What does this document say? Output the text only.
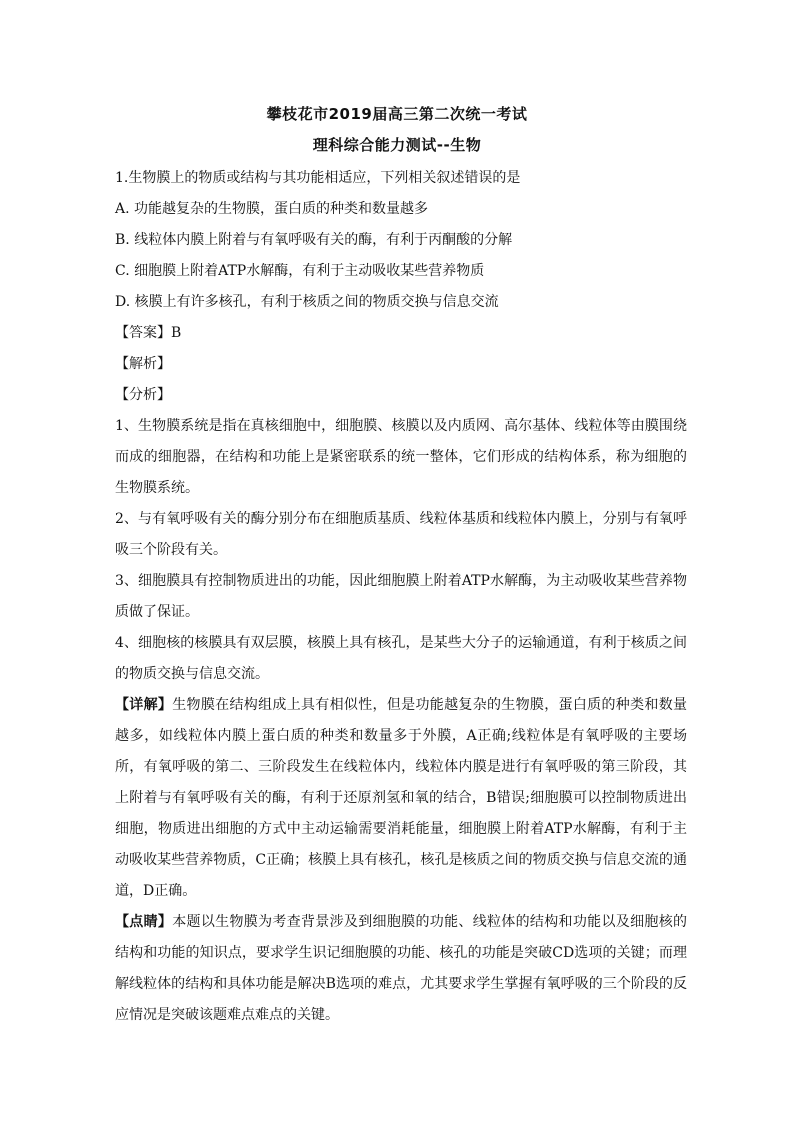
攀枝花市2019届高三第二次统一考试
理科综合能力测试--生物

1.生物膜上的物质或结构与其功能相适应，下列相关叙述错误的是

A. 功能越复杂的生物膜，蛋白质的种类和数量越多

B. 线粒体内膜上附着与有氧呼吸有关的酶，有利于丙酮酸的分解

C. 细胞膜上附着ATP水解酶，有利于主动吸收某些营养物质

D. 核膜上有许多核孔，有利于核质之间的物质交换与信息交流

【答案】B

【解析】

【分析】

1、生物膜系统是指在真核细胞中，细胞膜、核膜以及内质网、高尔基体、线粒体等由膜围绕而成的细胞器，在结构和功能上是紧密联系的统一整体，它们形成的结构体系，称为细胞的生物膜系统。

2、与有氧呼吸有关的酶分别分布在细胞质基质、线粒体基质和线粒体内膜上，分别与有氧呼吸三个阶段有关。

3、细胞膜具有控制物质进出的功能，因此细胞膜上附着ATP水解酶，为主动吸收某些营养物质做了保证。

4、细胞核的核膜具有双层膜，核膜上具有核孔，是某些大分子的运输通道，有利于核质之间的物质交换与信息交流。

【详解】生物膜在结构组成上具有相似性，但是功能越复杂的生物膜，蛋白质的种类和数量越多，如线粒体内膜上蛋白质的种类和数量多于外膜，A正确;线粒体是有氧呼吸的主要场所，有氧呼吸的第二、三阶段发生在线粒体内，线粒体内膜是进行有氧呼吸的第三阶段，其上附着与有氧呼吸有关的酶，有利于还原剂氢和氧的结合，B错误;细胞膜可以控制物质进出细胞，物质进出细胞的方式中主动运输需要消耗能量，细胞膜上附着ATP水解酶，有利于主动吸收某些营养物质，C正确；核膜上具有核孔，核孔是核质之间的物质交换与信息交流的通道，D正确。

【点睛】本题以生物膜为考查背景涉及到细胞膜的功能、线粒体的结构和功能以及细胞核的结构和功能的知识点，要求学生识记细胞膜的功能、核孔的功能是突破CD选项的关键；而理解线粒体的结构和具体功能是解决B选项的难点，尤其要求学生掌握有氧呼吸的三个阶段的反应情况是突破该题难点难点的关键。
